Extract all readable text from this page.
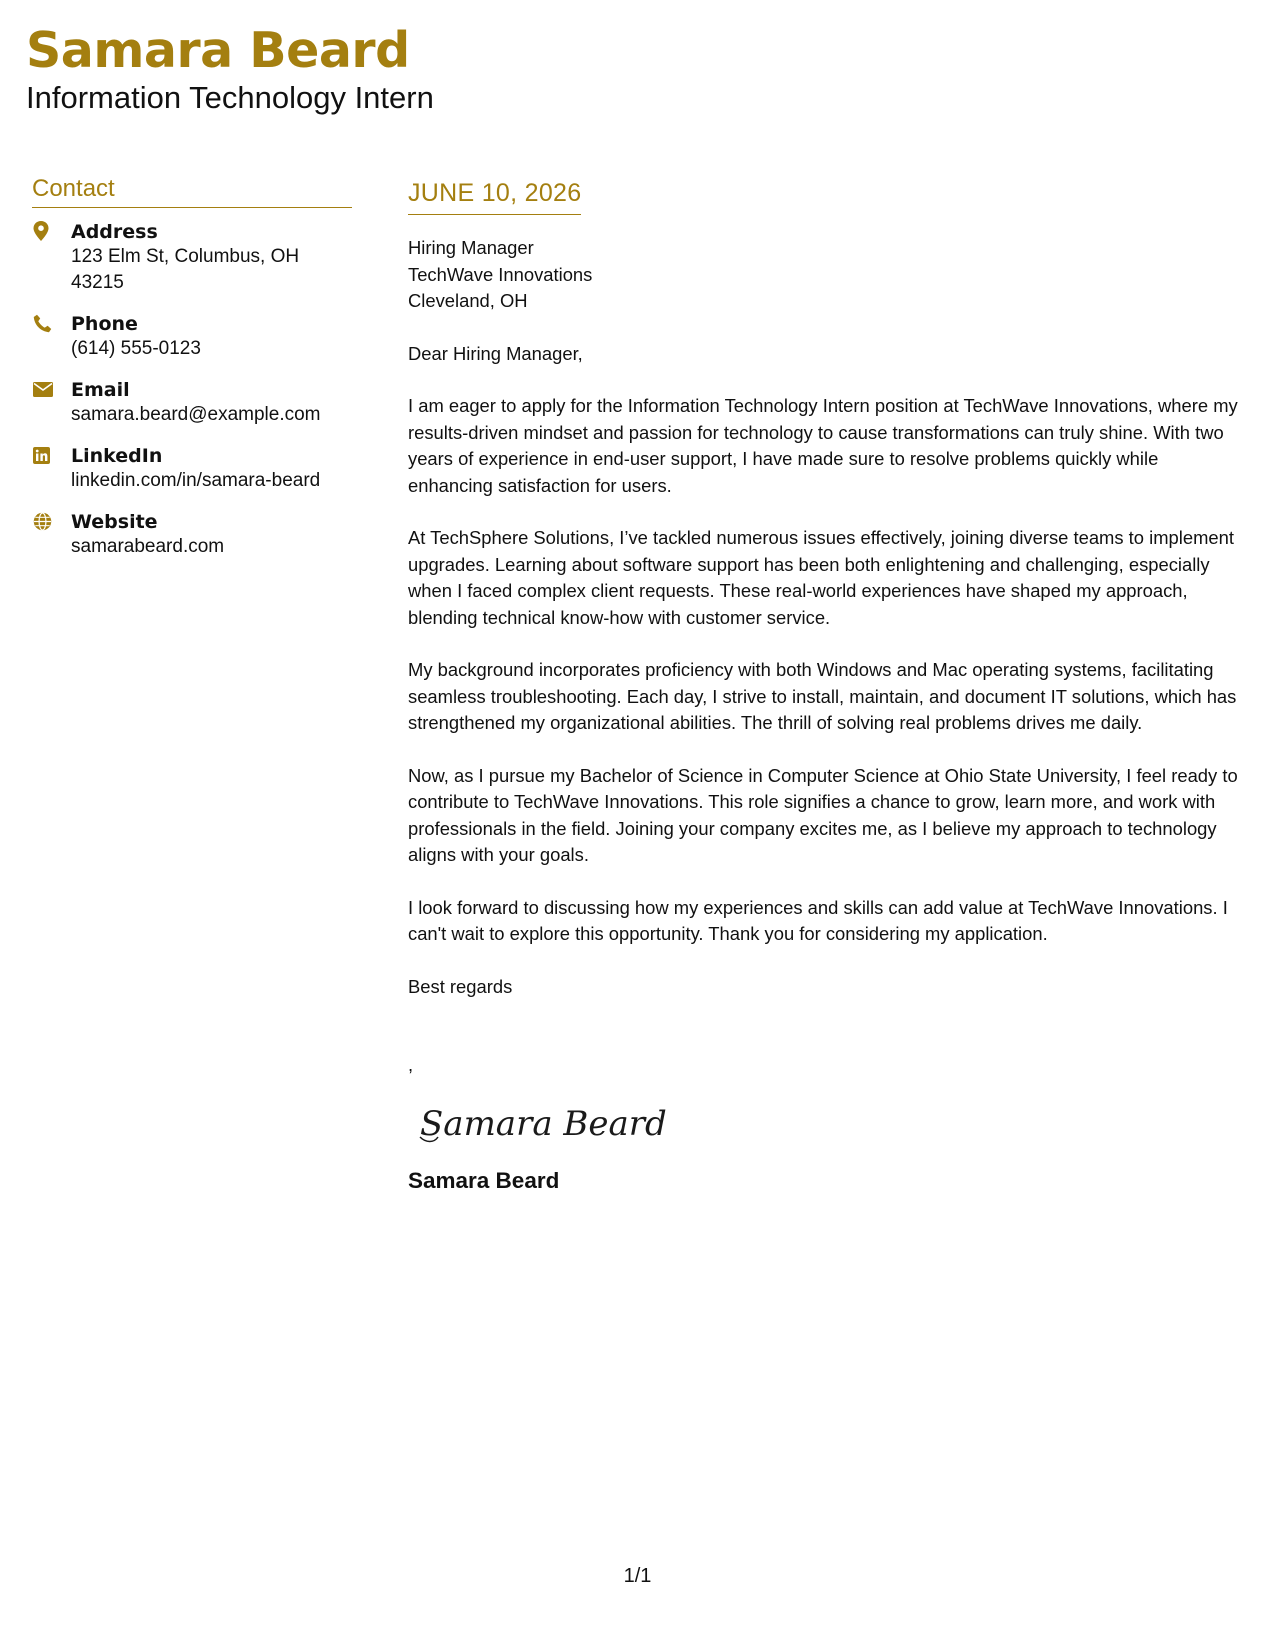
Samara Beard
Information Technology Intern
Contact
Address
123 Elm St, Columbus, OH 43215
Phone
(614) 555-0123
Email
samara.beard@example.com
LinkedIn
linkedin.com/in/samara-beard
Website
samarabeard.com
JUNE 10, 2026
Hiring Manager
TechWave Innovations
Cleveland, OH
Dear Hiring Manager,
I am eager to apply for the Information Technology Intern position at TechWave Innovations, where my results-driven mindset and passion for technology to cause transformations can truly shine. With two years of experience in end-user support, I have made sure to resolve problems quickly while enhancing satisfaction for users.
At TechSphere Solutions, I’ve tackled numerous issues effectively, joining diverse teams to implement upgrades. Learning about software support has been both enlightening and challenging, especially when I faced complex client requests. These real-world experiences have shaped my approach, blending technical know-how with customer service.
My background incorporates proficiency with both Windows and Mac operating systems, facilitating seamless troubleshooting. Each day, I strive to install, maintain, and document IT solutions, which has strengthened my organizational abilities. The thrill of solving real problems drives me daily.
Now, as I pursue my Bachelor of Science in Computer Science at Ohio State University, I feel ready to contribute to TechWave Innovations. This role signifies a chance to grow, learn more, and work with professionals in the field. Joining your company excites me, as I believe my approach to technology aligns with your goals.
I look forward to discussing how my experiences and skills can add value at TechWave Innovations. I can't wait to explore this opportunity. Thank you for considering my application.
Best regards
,
Samara Beard
Samara Beard
1/1
